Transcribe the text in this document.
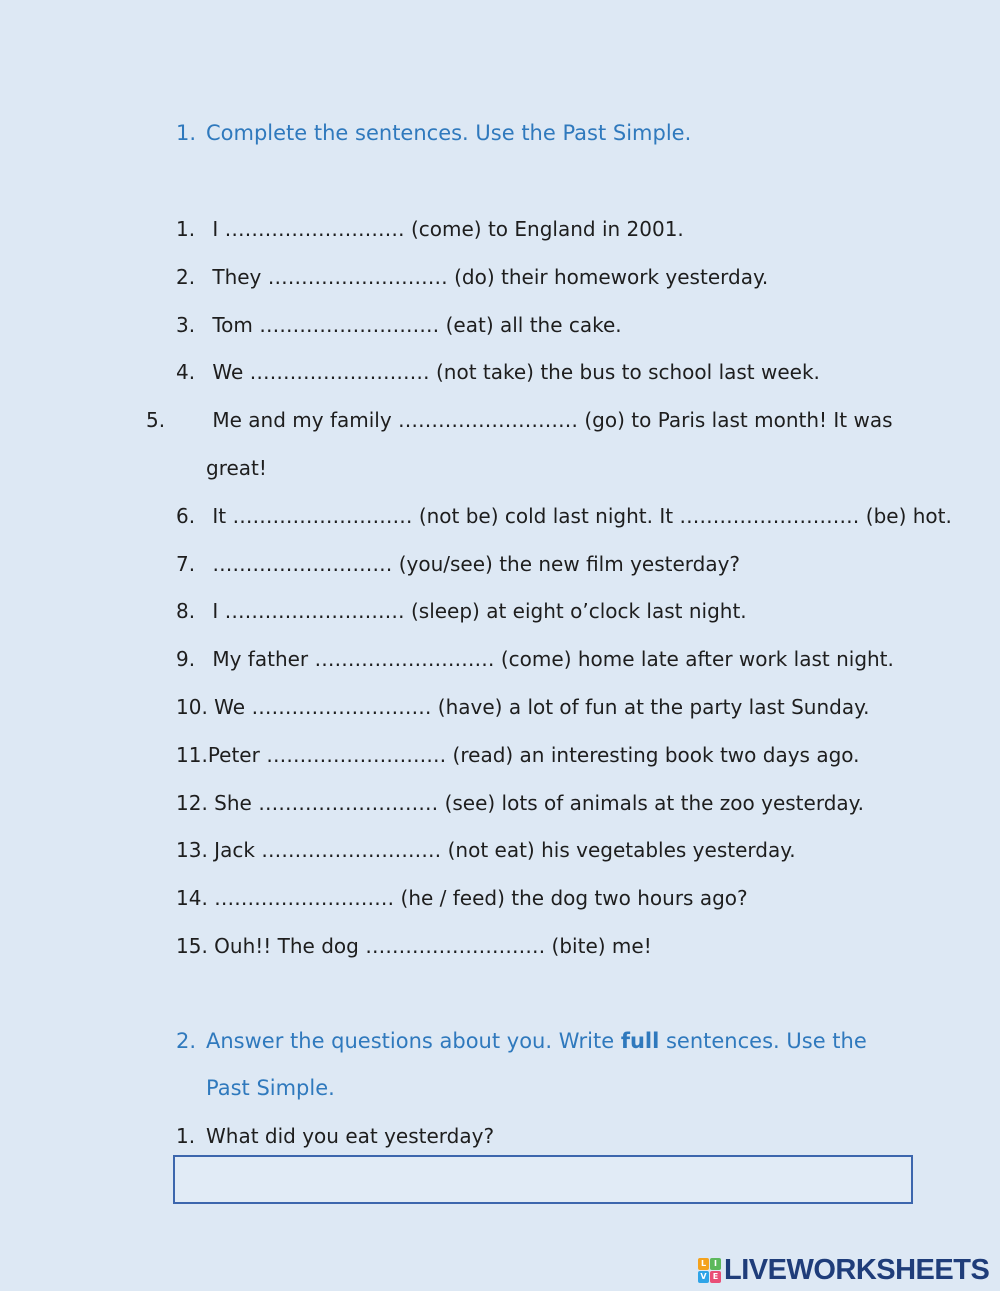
1. Complete the sentences. Use the Past Simple.
1. I ……………………… (come) to England in 2001.
2. They ……………………… (do) their homework yesterday.
3. Tom ……………………… (eat) all the cake.
4. We ……………………… (not take) the bus to school last week.
5. Me and my family ……………………… (go) to Paris last month! It was great!
6. It ……………………… (not be) cold last night. It ……………………… (be) hot.
7. ……………………… (you/see) the new film yesterday?
8. I ……………………… (sleep) at eight o’clock last night.
9. My father ……………………… (come) home late after work last night.
10. We ……………………… (have) a lot of fun at the party last Sunday.
11.Peter ……………………… (read) an interesting book two days ago.
12. She ……………………… (see) lots of animals at the zoo yesterday.
13. Jack ……………………… (not eat) his vegetables yesterday.
14. ……………………… (he / feed) the dog two hours ago?
15. Ouh!! The dog ……………………… (bite) me!
2. Answer the questions about you. Write full sentences. Use the
Past Simple.
1. What did you eat yesterday?
L I
V E LIVEWORKSHEETS
